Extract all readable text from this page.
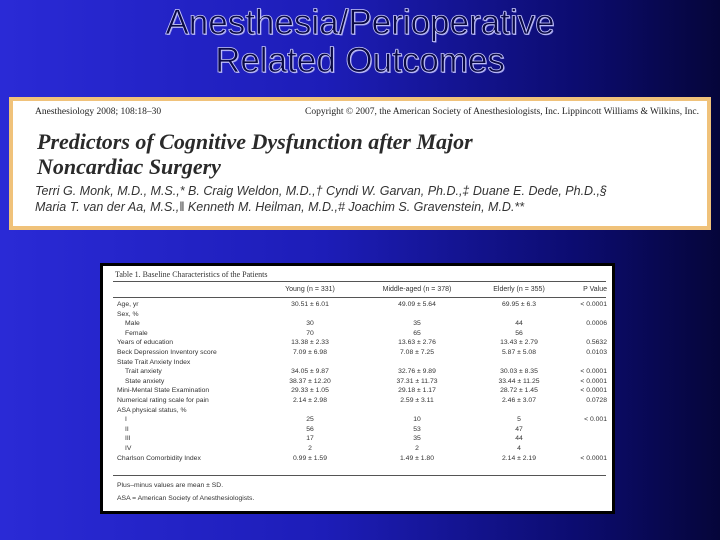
Anesthesia/Perioperative
Related Outcomes
Anesthesiology 2008; 108:18–30	Copyright © 2007, the American Society of Anesthesiologists, Inc. Lippincott Williams & Wilkins, Inc.
Predictors of Cognitive Dysfunction after Major
Noncardiac Surgery
Terri G. Monk, M.D., M.S.,* B. Craig Weldon, M.D.,† Cyndi W. Garvan, Ph.D.,‡ Duane E. Dede, Ph.D.,§
Maria T. van der Aa, M.S.,‖ Kenneth M. Heilman, M.D.,# Joachim S. Gravenstein, M.D.**
Table 1. Baseline Characteristics of the Patients
Young (n = 331)	Middle-aged (n = 378)	Elderly (n = 355)	P Value
Age, yr	30.51 ± 6.01	49.09 ± 5.64	69.95 ± 6.3	< 0.0001
Sex, %
Male	30	35	44	0.0006
Female	70	65	56
Years of education	13.38 ± 2.33	13.63 ± 2.76	13.43 ± 2.79	0.5632
Beck Depression Inventory score	7.09 ± 6.98	7.08 ± 7.25	5.87 ± 5.08	0.0103
State Trait Anxiety Index
Trait anxiety	34.05 ± 9.87	32.76 ± 9.89	30.03 ± 8.35	< 0.0001
State anxiety	38.37 ± 12.20	37.31 ± 11.73	33.44 ± 11.25	< 0.0001
Mini-Mental State Examination	29.33 ± 1.05	29.18 ± 1.17	28.72 ± 1.45	< 0.0001
Numerical rating scale for pain	2.14 ± 2.98	2.59 ± 3.11	2.46 ± 3.07	0.0728
ASA physical status, %
I	25	10	5	< 0.001
II	56	53	47
III	17	35	44
IV	2	2	4
Charlson Comorbidity Index	0.99 ± 1.59	1.49 ± 1.80	2.14 ± 2.19	< 0.0001
Plus–minus values are mean ± SD.
ASA = American Society of Anesthesiologists.
